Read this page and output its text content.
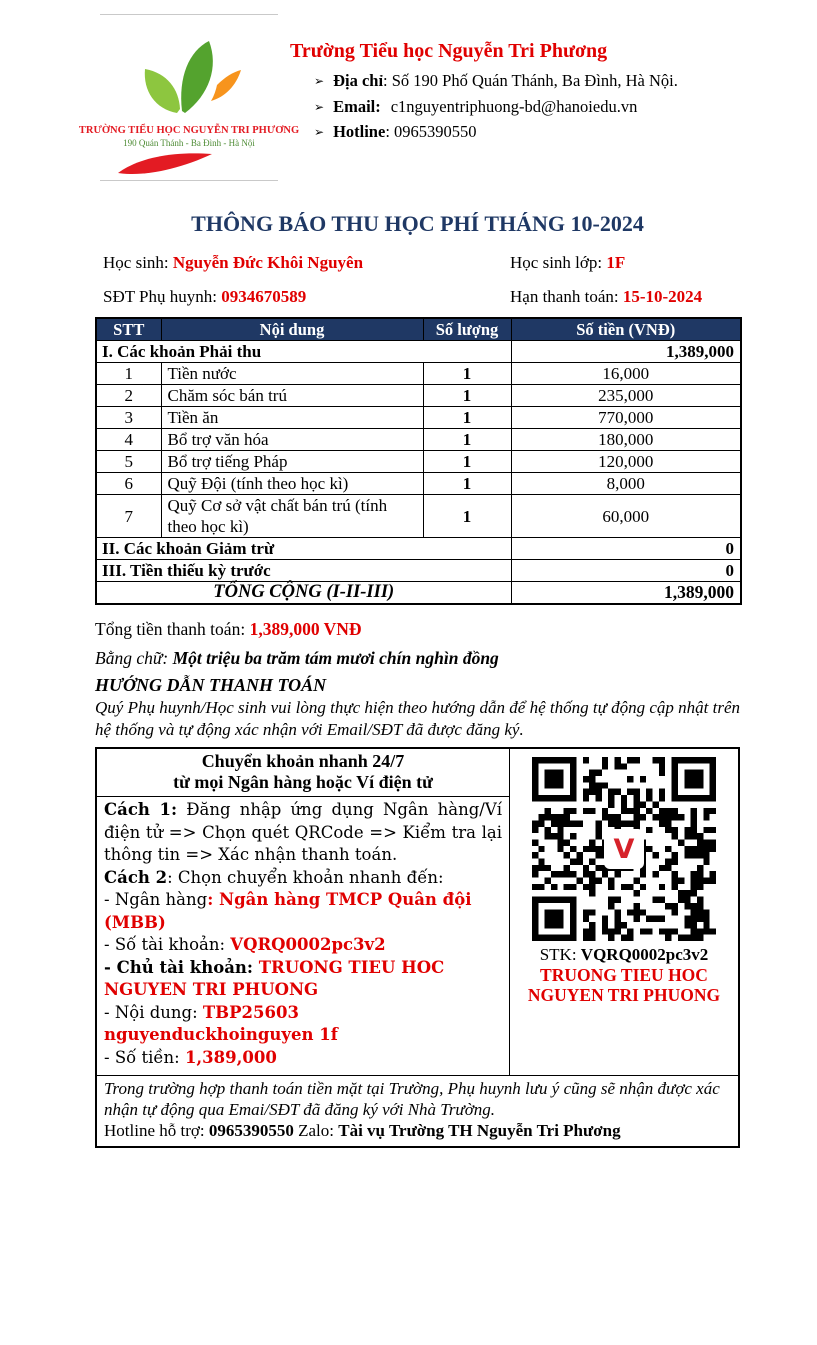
TRƯỜNG TIỂU HỌC NGUYỄN TRI PHƯƠNG
190 Quán Thánh - Ba Đình - Hà Nội
Trường Tiểu học Nguyễn Tri Phương
➢ Địa chỉ: Số 190 Phố Quán Thánh, Ba Đình, Hà Nội.
➢ Email: c1nguyentriphuong-bd@hanoiedu.vn
➢ Hotline: 0965390550
THÔNG BÁO THU HỌC PHÍ THÁNG 10-2024
Học sinh: Nguyễn Đức Khôi Nguyên	Học sinh lớp: 1F
SĐT Phụ huynh: 0934670589	Hạn thanh toán: 15-10-2024
STT	Nội dung	Số lượng	Số tiền (VNĐ)
I. Các khoản Phải thu			1,389,000
1	Tiền nước	1	16,000
2	Chăm sóc bán trú	1	235,000
3	Tiền ăn	1	770,000
4	Bổ trợ văn hóa	1	180,000
5	Bổ trợ tiếng Pháp	1	120,000
6	Quỹ Đội (tính theo học kì)	1	8,000
7	Quỹ Cơ sở vật chất bán trú (tính theo học kì)	1	60,000
II. Các khoản Giảm trừ			0
III. Tiền thiếu kỳ trước			0
TỔNG CỘNG (I-II-III)			1,389,000
Tổng tiền thanh toán: 1,389,000 VNĐ
Bằng chữ: Một triệu ba trăm tám mươi chín nghìn đồng
HƯỚNG DẪN THANH TOÁN
Quý Phụ huynh/Học sinh vui lòng thực hiện theo hướng dẫn để hệ thống tự động cập nhật trên hệ thống và tự động xác nhận với Email/SĐT đã được đăng ký.
Chuyển khoản nhanh 24/7
từ mọi Ngân hàng hoặc Ví điện tử
Cách 1: Đăng nhập ứng dụng Ngân hàng/Ví điện tử => Chọn quét QRCode => Kiểm tra lại thông tin => Xác nhận thanh toán.
Cách 2: Chọn chuyển khoản nhanh đến:
- Ngân hàng: Ngân hàng TMCP Quân đội (MBB)
- Số tài khoản: VQRQ0002pc3v2
- Chủ tài khoản: TRUONG TIEU HOC NGUYEN TRI PHUONG
- Nội dung: TBP25603 nguyenduckhoinguyen 1f
- Số tiền: 1,389,000
V
STK: VQRQ0002pc3v2
TRUONG TIEU HOC
NGUYEN TRI PHUONG
Trong trường hợp thanh toán tiền mặt tại Trường, Phụ huynh lưu ý cũng sẽ nhận được xác nhận tự động qua Emai/SĐT đã đăng ký với Nhà Trường.
Hotline hỗ trợ: 0965390550 Zalo: Tài vụ Trường TH Nguyễn Tri Phương
